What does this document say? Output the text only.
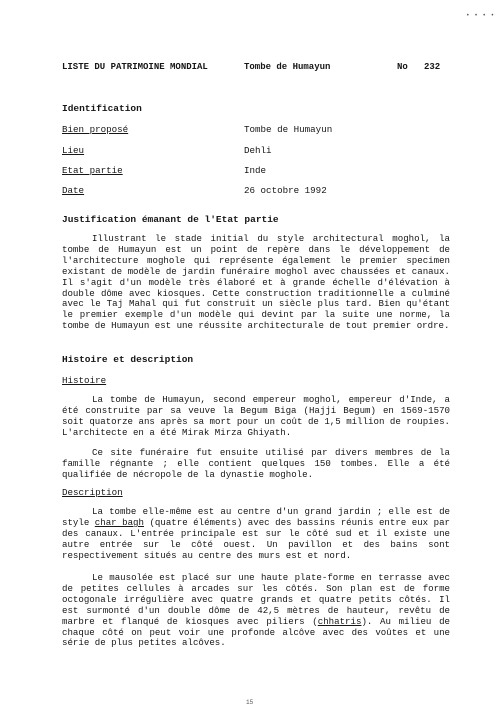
• • • •
LISTE DU PATRIMOINE MONDIAL	Tombe de Humayun	No 232
Identification
Bien proposé	Tombe de Humayun
Lieu	Dehli
Etat partie	Inde
Date	26 octobre 1992
Justification émanant de l'Etat partie

Illustrant le stade initial du style architectural moghol, la tombe de Humayun est un point de repère dans le développement de l'architecture moghole qui représente également le premier specimen existant de modèle de jardin funéraire moghol avec chaussées et canaux. Il s'agit d'un modèle très élaboré et à grande échelle d'élévation à double dôme avec kiosques. Cette construction traditionnelle a culminé avec le Taj Mahal qui fut construit un siècle plus tard. Bien qu'étant le premier exemple d'un modèle qui devint par la suite une norme, la tombe de Humayun est une réussite architecturale de tout premier ordre.

Histoire et description
Histoire

La tombe de Humayun, second empereur moghol, empereur d'Inde, a été construite par sa veuve la Begum Biga (Hajji Begum) en 1569-1570 soit quatorze ans après sa mort pour un coût de 1,5 million de roupies. L'architecte en a été Mirak Mirza Ghiyath.

Ce site funéraire fut ensuite utilisé par divers membres de la famille régnante ; elle contient quelques 150 tombes. Elle a été qualifiée de nécropole de la dynastie moghole.

Description

La tombe elle-même est au centre d'un grand jardin ; elle est de style char bagh (quatre éléments) avec des bassins réunis entre eux par des canaux. L'entrée principale est sur le côté sud et il existe une autre entrée sur le côté ouest. Un pavillon et des bains sont respectivement situés au centre des murs est et nord.

Le mausolée est placé sur une haute plate-forme en terrasse avec de petites cellules à arcades sur les côtés. Son plan est de forme octogonale irrégulière avec quatre grands et quatre petits côtés. Il est surmonté d'un double dôme de 42,5 mètres de hauteur, revêtu de marbre et flanqué de kiosques avec piliers (chhatris). Au milieu de chaque côté on peut voir une profonde alcôve avec des voûtes et une série de plus petites alcôves.

15
